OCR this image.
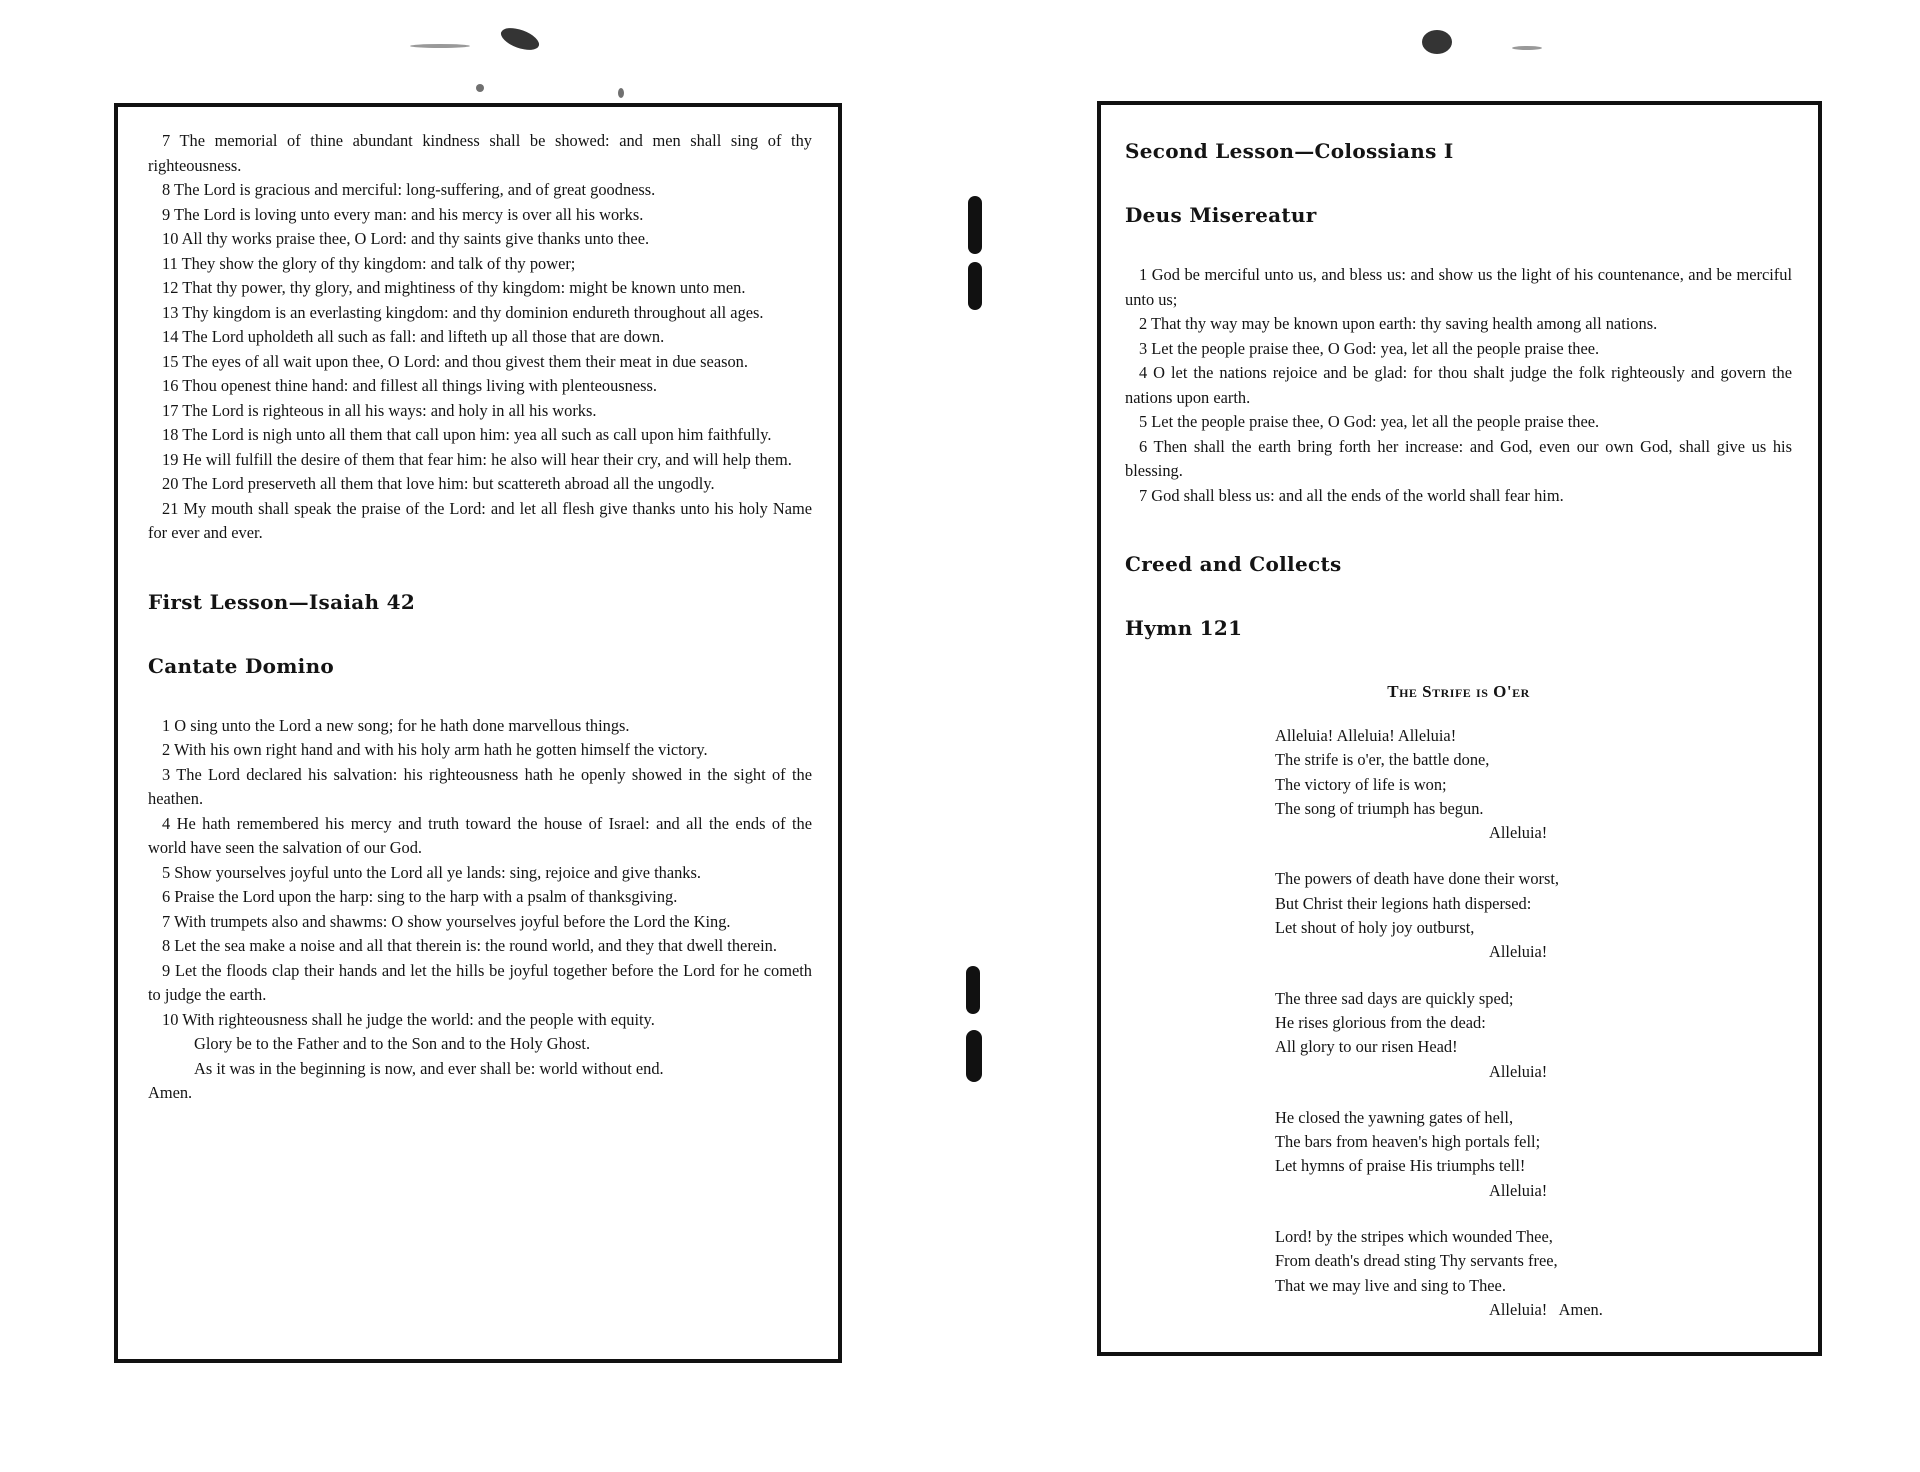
7 The memorial of thine abundant kindness shall be showed: and men shall sing of thy righteousness.

8 The Lord is gracious and merciful: long-suffering, and of great goodness.

9 The Lord is loving unto every man: and his mercy is over all his works.

10 All thy works praise thee, O Lord: and thy saints give thanks unto thee.

11 They show the glory of thy kingdom: and talk of thy power;

12 That thy power, thy glory, and mightiness of thy kingdom: might be known unto men.

13 Thy kingdom is an everlasting kingdom: and thy dominion endureth throughout all ages.

14 The Lord upholdeth all such as fall: and lifteth up all those that are down.

15 The eyes of all wait upon thee, O Lord: and thou givest them their meat in due season.

16 Thou openest thine hand: and fillest all things living with plenteousness.

17 The Lord is righteous in all his ways: and holy in all his works.

18 The Lord is nigh unto all them that call upon him: yea all such as call upon him faithfully.

19 He will fulfill the desire of them that fear him: he also will hear their cry, and will help them.

20 The Lord preserveth all them that love him: but scattereth abroad all the ungodly.

21 My mouth shall speak the praise of the Lord: and let all flesh give thanks unto his holy Name for ever and ever.

First Lesson—Isaiah 42
Cantate Domino

1 O sing unto the Lord a new song; for he hath done marvellous things.

2 With his own right hand and with his holy arm hath he gotten himself the victory.

3 The Lord declared his salvation: his righteousness hath he openly showed in the sight of the heathen.

4 He hath remembered his mercy and truth toward the house of Israel: and all the ends of the world have seen the salvation of our God.

5 Show yourselves joyful unto the Lord all ye lands: sing, rejoice and give thanks.

6 Praise the Lord upon the harp: sing to the harp with a psalm of thanksgiving.

7 With trumpets also and shawms: O show yourselves joyful before the Lord the King.

8 Let the sea make a noise and all that therein is: the round world, and they that dwell therein.

9 Let the floods clap their hands and let the hills be joyful together before the Lord for he cometh to judge the earth.

10 With righteousness shall he judge the world: and the people with equity.

Glory be to the Father and to the Son and to the Holy Ghost.

As it was in the beginning is now, and ever shall be: world without end.

Amen.

Second Lesson—Colossians I
Deus Misereatur

1 God be merciful unto us, and bless us: and show us the light of his countenance, and be merciful unto us;

2 That thy way may be known upon earth: thy saving health among all nations.

3 Let the people praise thee, O God: yea, let all the people praise thee.

4 O let the nations rejoice and be glad: for thou shalt judge the folk righteously and govern the nations upon earth.

5 Let the people praise thee, O God: yea, let all the people praise thee.

6 Then shall the earth bring forth her increase: and God, even our own God, shall give us his blessing.

7 God shall bless us: and all the ends of the world shall fear him.

Creed and Collects
Hymn 121

The Strife is O'er

Alleluia! Alleluia! Alleluia!

The strife is o'er, the battle done,

The victory of life is won;

The song of triumph has begun.

Alleluia!

The powers of death have done their worst,

But Christ their legions hath dispersed:

Let shout of holy joy outburst,

Alleluia!

The three sad days are quickly sped;

He rises glorious from the dead:

All glory to our risen Head!

Alleluia!

He closed the yawning gates of hell,

The bars from heaven's high portals fell;

Let hymns of praise His triumphs tell!

Alleluia!

Lord! by the stripes which wounded Thee,

From death's dread sting Thy servants free,

That we may live and sing to Thee.

Alleluia!   Amen.
